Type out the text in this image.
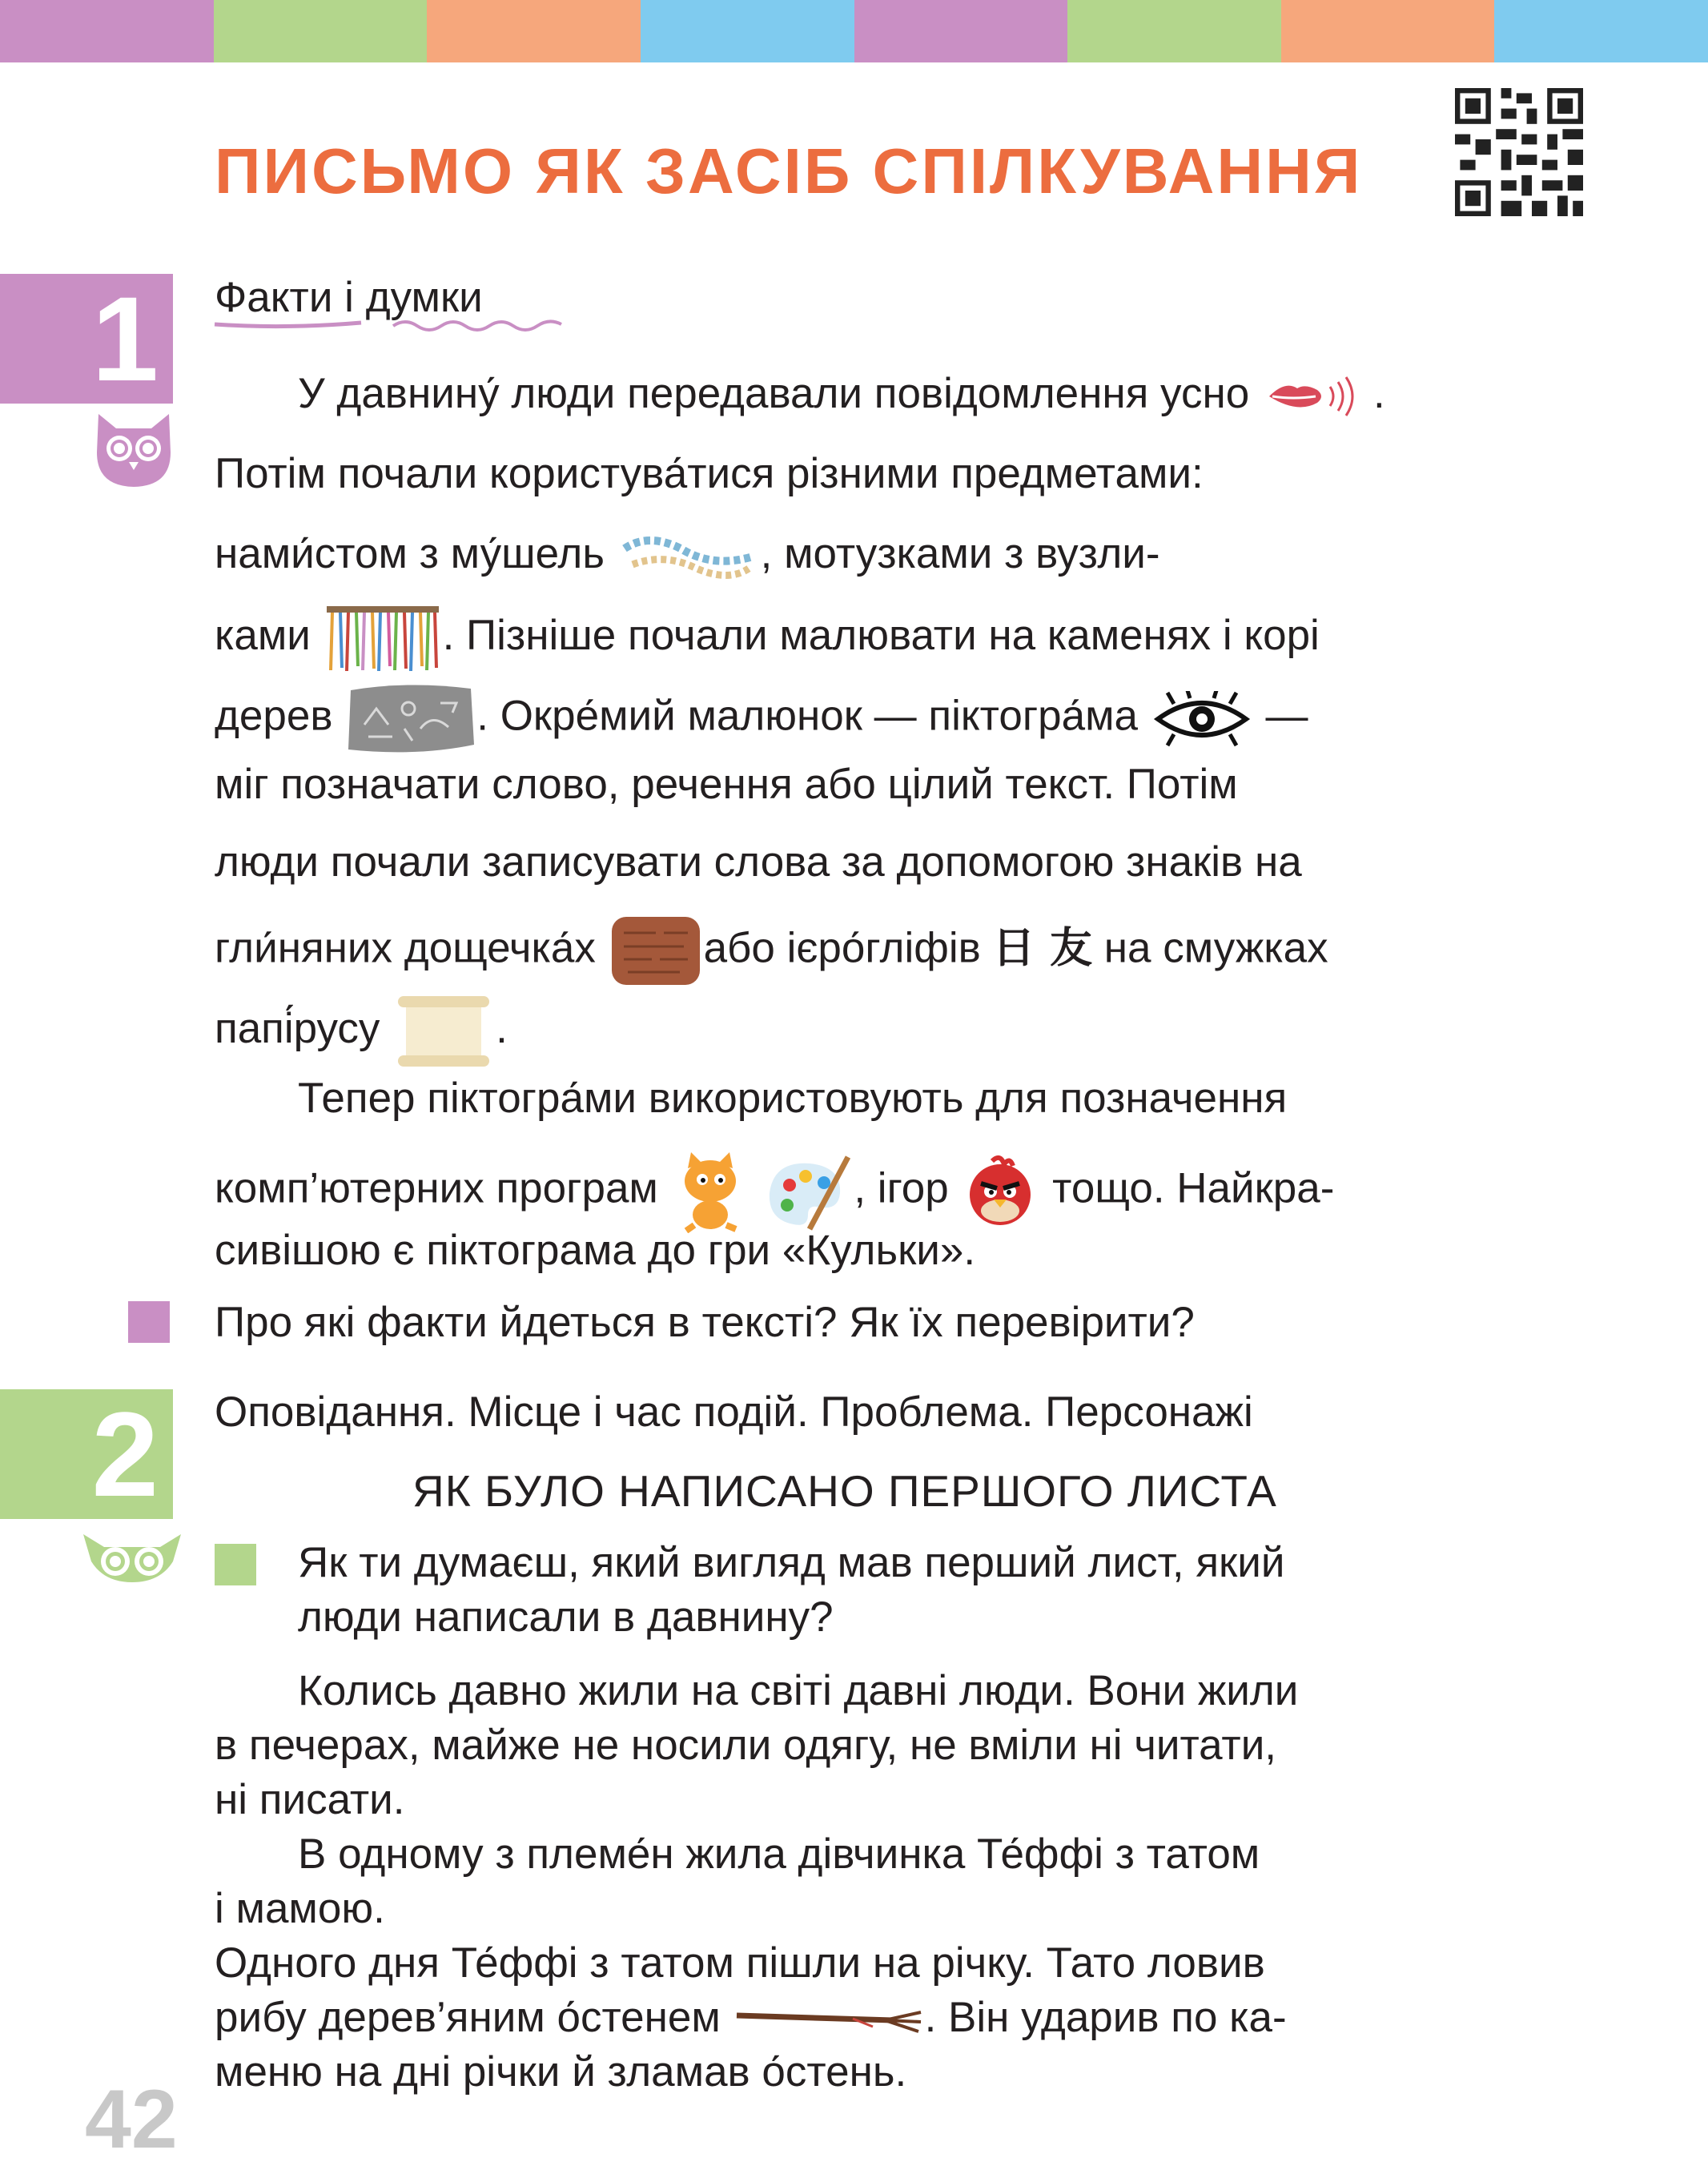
ПИСЬМО ЯК ЗАСІБ СПІЛКУВАННЯ
1	Факти і думки
У давнину́ люди передавали повідомлення усно	.
Потім почали користува́тися різними предметами:
нами́стом з му́шель	, мотузками з вузли-
ками	. Пізніше почали малювати на каменях і корі
дерев	. Окре́мий малюнок — піктогра́ма	—
міг позначати слово, речення або цілий текст. Потім
люди почали записувати слова за допомогою знаків на
гли́няних дощечка́х	або ієро́гліфів 日 友 на смужках
папі́русу	.
Тепер піктогра́ми використовують для позначення
комп’ютерних програм	, ігор тощо. Найкра-
сивішою є піктограма до гри «Кульки».
Про які факти йдеться в тексті? Як їх перевірити?
2	Оповідання. Місце і час подій. Проблема. Персонажі
ЯК БУЛО НАПИСАНО ПЕРШОГО ЛИСТА
Як ти думаєш, який вигляд мав перший лист, який
люди написали в давнину?
Колись давно жили на світі давні люди. Вони жили
в печерах, майже не носили одягу, не вміли ні читати,
ні писати.
В одному з племе́н жила дівчинка Те́ффі з татом
і мамою.
Одного дня Те́ффі з татом пішли на річку. Тато ловив
рибу дерев’яним о́стенем	. Він ударив по ка-
меню на дні річки й зламав о́стень.
42
